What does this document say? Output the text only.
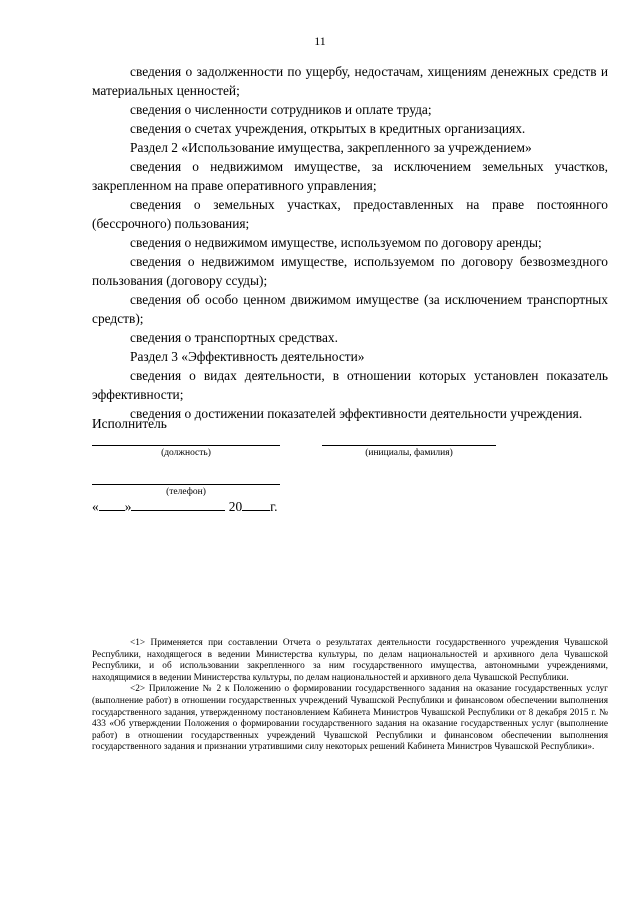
11

сведения о задолженности по ущербу, недостачам, хищениям денежных средств и материальных ценностей;

сведения о численности сотрудников и оплате труда;

сведения о счетах учреждения, открытых в кредитных организациях.

Раздел 2 «Использование имущества, закрепленного за учреждением»

сведения о недвижимом имуществе, за исключением земельных участков, закрепленном на праве оперативного управления;

сведения о земельных участках, предоставленных на праве постоянного (бессрочного) пользования;

сведения о недвижимом имуществе, используемом по договору аренды;

сведения о недвижимом имуществе, используемом по договору безвозмездного пользования (договору ссуды);

сведения об особо ценном движимом имуществе (за исключением транспортных средств);

сведения о транспортных средствах.

Раздел 3 «Эффективность деятельности»

сведения о видах деятельности, в отношении которых установлен показатель эффективности;

сведения о достижении показателей эффективности деятельности учреждения.

Исполнитель
(должность)	(инициалы, фамилия)
(телефон)
« »	20 г.

<1> Применяется при составлении Отчета о результатах деятельности государственного учреждения Чувашской Республики, находящегося в ведении Министерства культуры, по делам национальностей и архивного дела Чувашской Республики, и об использовании закрепленного за ним государственного имущества, автономными учреждениями, находящимися в ведении Министерства культуры, по делам национальностей и архивного дела Чувашской Республики.

<2> Приложение № 2 к Положению о формировании государственного задания на оказание государственных услуг (выполнение работ) в отношении государственных учреждений Чувашской Республики и финансовом обеспечении выполнения государственного задания, утвержденному постановлением Кабинета Министров Чувашской Республики от 8 декабря 2015 г. № 433 «Об утверждении Положения о формировании государственного задания на оказание государственных услуг (выполнение работ) в отношении государственных учреждений Чувашской Республики и финансовом обеспечении выполнения государственного задания и признании утратившими силу некоторых решений Кабинета Министров Чувашской Республики».
